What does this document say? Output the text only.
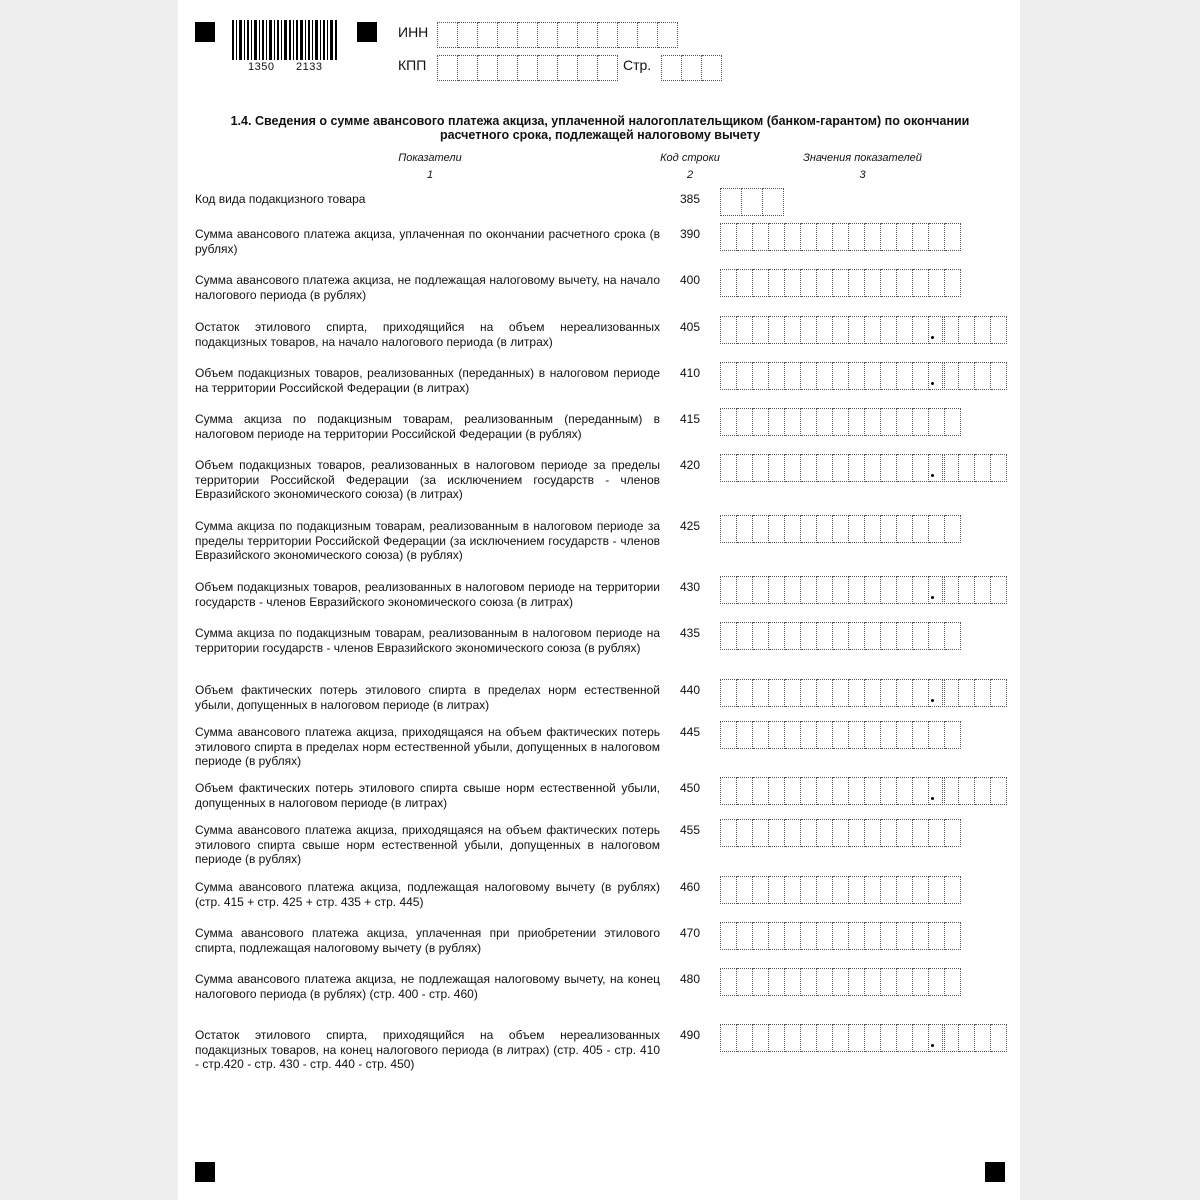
1350 2133
ИНН
КПП	Стр.
1.4. Сведения о сумме авансового платежа акциза, уплаченной налогоплательщиком (банком-гарантом) по окончании расчетного срока, подлежащей налоговому вычету
Показатели
1
Код строки
2
Значения показателей
3
Код вида подакцизного товара	385
Сумма авансового платежа акциза, уплаченная по окончании расчетного срока (в рублях)
390
Сумма авансового платежа акциза, не подлежащая налоговому вычету, на начало налогового периода (в рублях)
400
Остаток этилового спирта, приходящийся на объем нереализованных подакцизных товаров, на начало налогового периода (в литрах)
405
Объем подакцизных товаров, реализованных (переданных) в налоговом периоде на территории Российской Федерации (в литрах)
410
Сумма акциза по подакцизным товарам, реализованным (переданным) в налоговом периоде на территории Российской Федерации (в рублях)
415
Объем подакцизных товаров, реализованных в налоговом периоде за пределы территории Российской Федерации (за исключением государств - членов Евразийского экономического союза) (в литрах)
420
Сумма акциза по подакцизным товарам, реализованным в налоговом периоде за пределы территории Российской Федерации (за исключением государств - членов Евразийского экономического союза) (в рублях)
425
Объем подакцизных товаров, реализованных в налоговом периоде на территории государств - членов Евразийского экономического союза (в литрах)
430
Сумма акциза по подакцизным товарам, реализованным в налоговом периоде на территории государств - членов Евразийского экономического союза (в рублях)
435
Объем фактических потерь этилового спирта в пределах норм естественной убыли, допущенных в налоговом периоде (в литрах)
440
Сумма авансового платежа акциза, приходящаяся на объем фактических потерь этилового спирта в пределах норм естественной убыли, допущенных в налоговом периоде (в рублях)
445
Объем фактических потерь этилового спирта свыше норм естественной убыли, допущенных в налоговом периоде (в литрах)
450
Сумма авансового платежа акциза, приходящаяся на объем фактических потерь этилового спирта свыше норм естественной убыли, допущенных в налоговом периоде (в рублях)
455
Сумма авансового платежа акциза, подлежащая налоговому вычету (в рублях) (стр. 415 + стр. 425 + стр. 435 + стр. 445)
460
Сумма авансового платежа акциза, уплаченная при приобретении этилового спирта, подлежащая налоговому вычету (в рублях)
470
Сумма авансового платежа акциза, не подлежащая налоговому вычету, на конец налогового периода (в рублях) (стр. 400 - стр. 460)
480
Остаток этилового спирта, приходящийся на объем нереализованных подакцизных товаров, на конец налогового периода (в литрах) (стр. 405 - стр. 410 - стр.420 - стр. 430 - стр. 440 - стр. 450)
490
